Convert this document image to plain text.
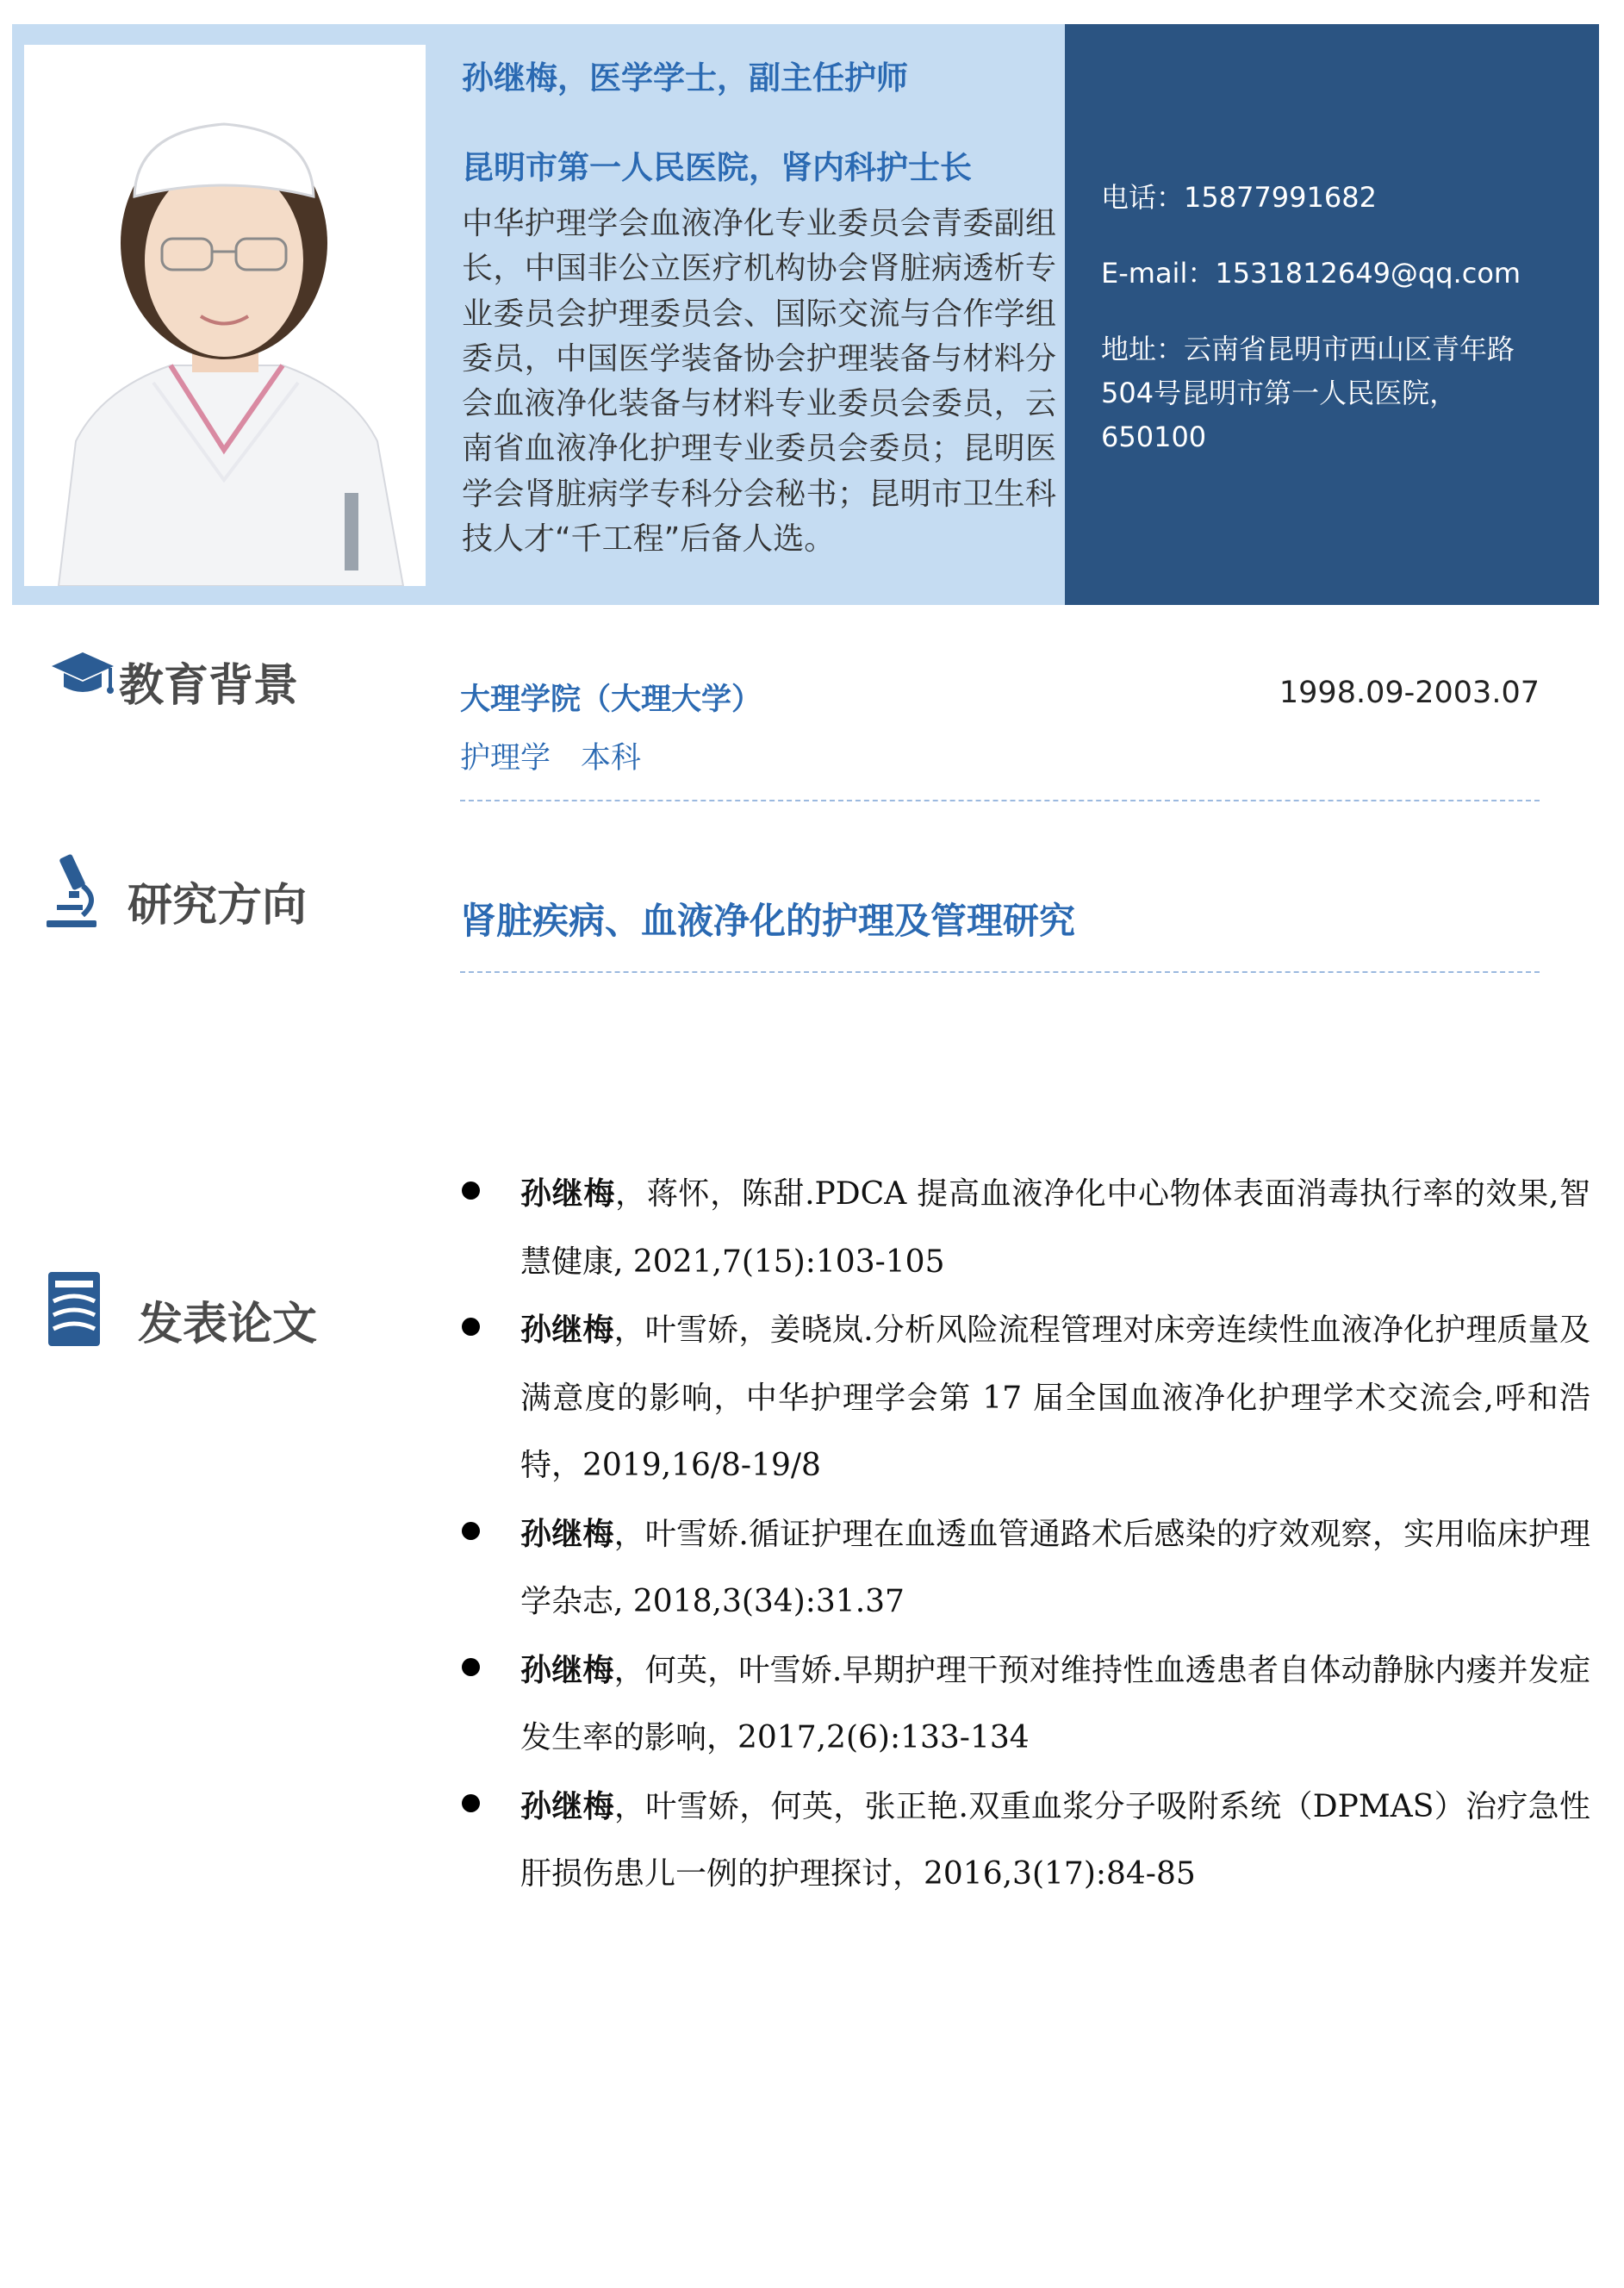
孙继梅，医学学士，副主任护师
昆明市第一人民医院，肾内科护士长
中华护理学会血液净化专业委员会青委副组长，中国非公立医疗机构协会肾脏病透析专业委员会护理委员会、国际交流与合作学组委员，中国医学装备协会护理装备与材料分会血液净化装备与材料专业委员会委员，云南省血液净化护理专业委员会委员；昆明医学会肾脏病学专科分会秘书；昆明市卫生科技人才“千工程”后备人选。
电话：15877991682
E-mail：1531812649@qq.com
地址：云南省昆明市西山区青年路504号昆明市第一人民医院，650100
教育背景	大理学院（大理大学）	1998.09-2003.07
护理学　本科
研究方向	肾脏疾病、血液净化的护理及管理研究
发表论文
孙继梅，蒋怀，陈甜.PDCA 提高血液净化中心物体表面消毒执行率的效果,智慧健康, 2021,7(15):103-105
孙继梅，叶雪娇，姜晓岚.分析风险流程管理对床旁连续性血液净化护理质量及满意度的影响，中华护理学会第 17 届全国血液净化护理学术交流会,呼和浩特，2019,16/8-19/8
孙继梅，叶雪娇.循证护理在血透血管通路术后感染的疗效观察，实用临床护理学杂志, 2018,3(34):31.37
孙继梅，何英，叶雪娇.早期护理干预对维持性血透患者自体动静脉内瘘并发症发生率的影响，2017,2(6):133-134
孙继梅，叶雪娇，何英，张正艳.双重血浆分子吸附系统（DPMAS）治疗急性肝损伤患儿一例的护理探讨，2016,3(17):84-85
